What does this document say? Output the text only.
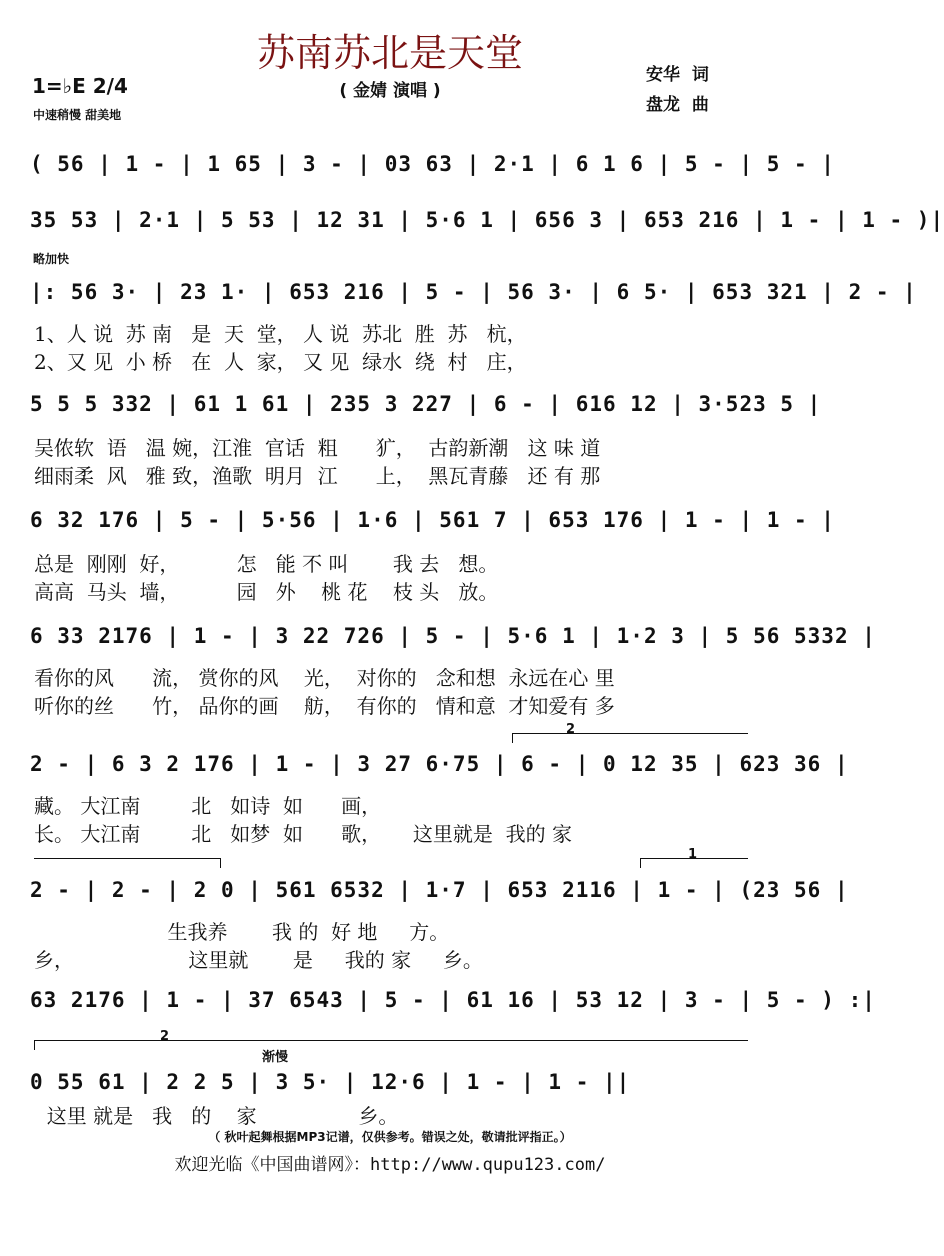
苏南苏北是天堂
( 金婧 演唱 )
1=♭E 2/4
中速稍慢 甜美地
安华  词
盘龙  曲
( 56 | 1 - | 1 65 | 3 - | 03 63 | 2·1 | 6 1 6 | 5 - | 5 - |
35 53 | 2·1 | 5 53 | 12 31 | 5·6 1 | 656 3 | 653 216 | 1 - | 1 - )|
略加快
|: 56 3· | 23 1· | 653 216 | 5 - | 56 3· | 6 5· | 653 321 | 2 - |
1、人 说  苏 南   是  天  堂， 人 说  苏北  胜  苏   杭，
2、又 见  小 桥   在  人  家， 又 见  绿水  绕  村   庄，
5 5 5 332 | 61 1 61 | 235 3 227 | 6 - | 616 12 | 3·523 5 |
吴侬软  语   温 婉，江淮  官话  粗      犷，  古韵新潮   这 味 道
细雨柔  风   雅 致，渔歌  明月  江      上，  黑瓦青藤   还 有 那
6 32 176 | 5 - | 5·56 | 1·6 | 561 7 | 653 176 | 1 - | 1 - |
总是  刚刚  好，         怎   能 不 叫       我 去   想。
高高  马头  墙，         园   外    桃 花    枝 头   放。
6 33 2176 | 1 - | 3 22 726 | 5 - | 5·6 1 | 1·2 3 | 5 56 5332 |
看你的风      流， 赏你的风    光，  对你的   念和想  永远在心 里
听你的丝      竹， 品你的画    舫，  有你的   情和意  才知爱有 多
2
2 - | 6 3 2 176 | 1 - | 3 27 6·75 | 6 - | 0 12 35 | 623 36 |
藏。 大江南        北   如诗  如      画，
长。 大江南        北   如梦  如      歌，     这里就是  我的 家
1
2 - | 2 - | 2 0 | 561 6532 | 1·7 | 653 2116 | 1 - | (23 56 |
生我养       我 的  好 地     方。
乡，                  这里就       是     我的 家     乡。
63 2176 | 1 - | 37 6543 | 5 - | 61 16 | 53 12 | 3 - | 5 - ) :|
2
渐慢
0 55 61 | 2 2 5 | 3 5· | 12·6 | 1 - | 1 - ||
这里 就是   我   的    家                乡。
（ 秋叶起舞根据MP3记谱，仅供参考。错误之处，敬请批评指正。）
欢迎光临《中国曲谱网》：http://www.qupu123.com/
